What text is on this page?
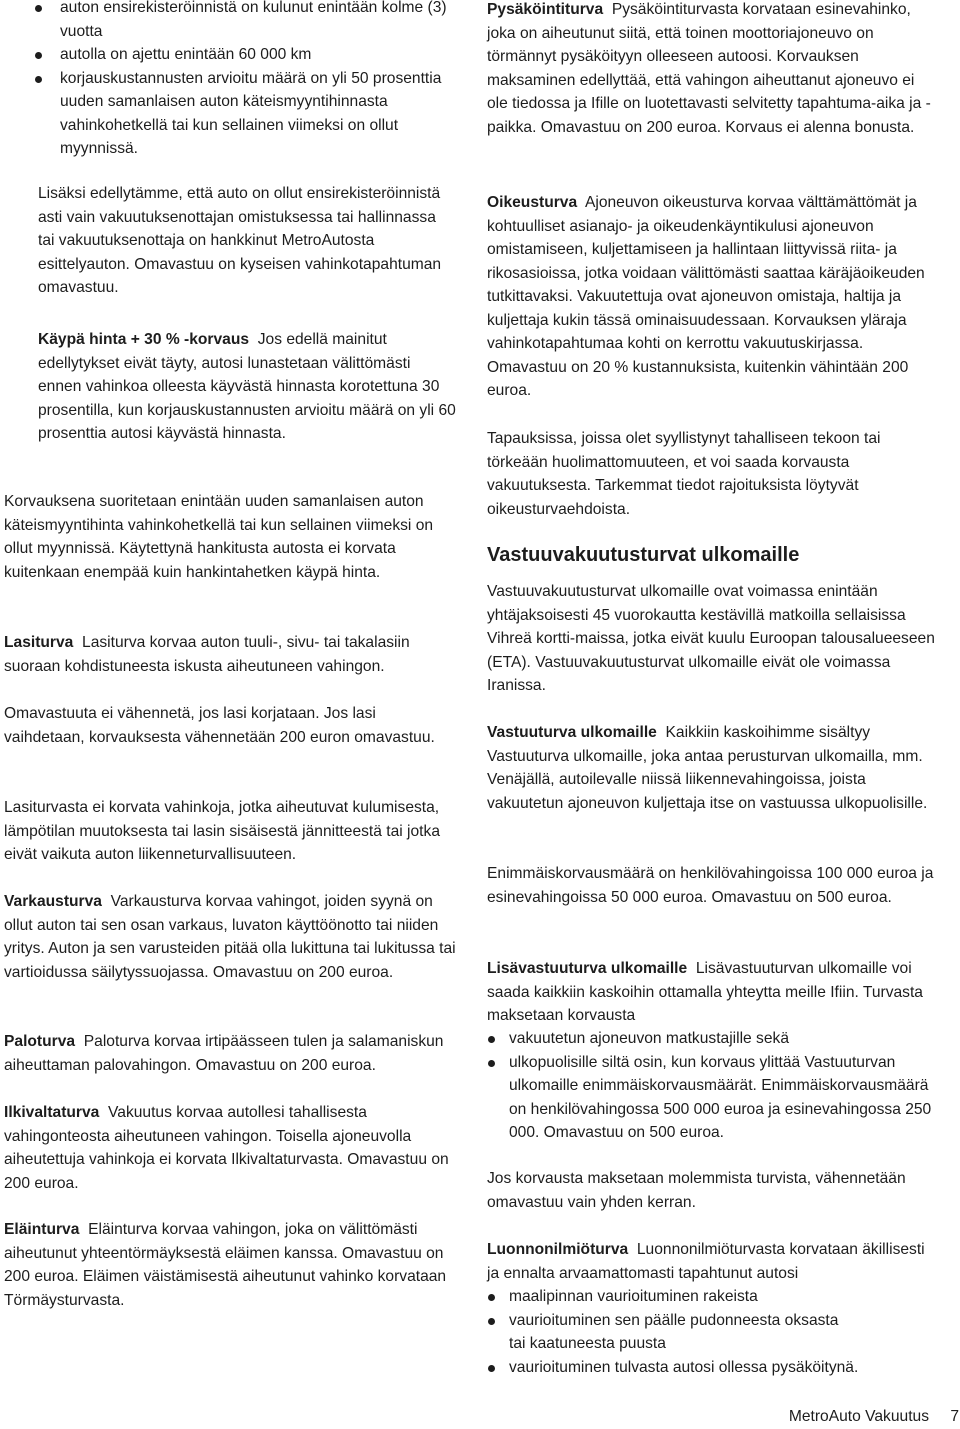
auton ensirekisteröinnistä on kulunut enintään kolme (3) vuotta
autolla on ajettu enintään 60 000 km
korjauskustannusten arvioitu määrä on yli 50 prosenttia uuden samanlaisen auton käteismyyntihinnasta vahinkohetkellä tai kun sellainen viimeksi on ollut myynnissä.

Lisäksi edellytämme, että auto on ollut ensirekisteröinnistä asti vain vakuutuksenottajan omistuksessa tai hallinnassa tai vakuutuksenottaja on hankkinut MetroAutosta esittelyauton. Omavastuu on kyseisen vahinkotapahtuman omavastuu.

Käypä hinta + 30 % -korvaus Jos edellä mainitut edellytykset eivät täyty, autosi lunastetaan välittömästi ennen vahinkoa olleesta käyvästä hinnasta korotettuna 30 prosentilla, kun korjauskustannusten arvioitu määrä on yli 60 prosenttia autosi käyvästä hinnasta.

Korvauksena suoritetaan enintään uuden samanlaisen auton käteismyyntihinta vahinkohetkellä tai kun sellainen viimeksi on ollut myynnissä. Käytettynä hankitusta autosta ei korvata kuitenkaan enempää kuin hankintahetken käypä hinta.

Lasiturva Lasiturva korvaa auton tuuli-, sivu- tai takalasiin suoraan kohdistuneesta iskusta aiheutuneen vahingon.

Omavastuuta ei vähennetä, jos lasi korjataan. Jos lasi vaihdetaan, korvauksesta vähennetään 200 euron omavastuu.

Lasiturvasta ei korvata vahinkoja, jotka aiheutuvat kulumisesta, lämpötilan muutoksesta tai lasin sisäisestä jännitteestä tai jotka eivät vaikuta auton liikenneturvallisuuteen.

Varkausturva Varkausturva korvaa vahingot, joiden syynä on ollut auton tai sen osan varkaus, luvaton käyttöönotto tai niiden yritys. Auton ja sen varusteiden pitää olla lukittuna tai lukitussa tai vartioidussa säilytyssuojassa. Omavastuu on 200 euroa.

Paloturva Paloturva korvaa irtipäässeen tulen ja salamaniskun aiheuttaman palovahingon. Omavastuu on 200 euroa.

Ilkivaltaturva Vakuutus korvaa autollesi tahallisesta vahingonteosta aiheutuneen vahingon. Toisella ajoneuvolla aiheutettuja vahinkoja ei korvata Ilkivaltaturvasta. Omavastuu on 200 euroa.

Eläinturva Eläinturva korvaa vahingon, joka on välittömästi aiheutunut yhteentörmäyksestä eläimen kanssa. Omavastuu on 200 euroa. Eläimen väistämisestä aiheutunut vahinko korvataan Törmäysturvasta.

Pysäköintiturva Pysäköintiturvasta korvataan esinevahinko, joka on aiheutunut siitä, että toinen moottoriajoneuvo on törmännyt pysäköityyn olleeseen autoosi. Korvauksen maksaminen edellyttää, että vahingon aiheuttanut ajoneuvo ei ole tiedossa ja Ifille on luotettavasti selvitetty tapahtuma-aika ja -paikka. Omavastuu on 200 euroa. Korvaus ei alenna bonusta.

Oikeusturva Ajoneuvon oikeusturva korvaa välttämättömät ja kohtuulliset asianajo- ja oikeudenkäyntikulusi ajoneuvon omistamiseen, kuljettamiseen ja hallintaan liittyvissä riita- ja rikosasioissa, jotka voidaan välittömästi saattaa käräjäoikeuden tutkittavaksi. Vakuutettuja ovat ajoneuvon omistaja, haltija ja kuljettaja kukin tässä ominaisuudessaan. Korvauksen yläraja vahinkotapahtumaa kohti on kerrottu vakuutuskirjassa. Omavastuu on 20 % kustannuksista, kuitenkin vähintään 200 euroa.

Tapauksissa, joissa olet syyllistynyt tahalliseen tekoon tai törkeään huolimattomuuteen, et voi saada korvausta vakuutuksesta. Tarkemmat tiedot rajoituksista löytyvät oikeusturvaehdoista.

Vastuuvakuutusturvat ulkomaille

Vastuuvakuutusturvat ulkomaille ovat voimassa enintään yhtäjaksoisesti 45 vuorokautta kestävillä matkoilla sellaisissa Vihreä kortti-maissa, jotka eivät kuulu Euroopan talousalueeseen (ETA). Vastuuvakuutusturvat ulkomaille eivät ole voimassa Iranissa.

Vastuuturva ulkomaille Kaikkiin kaskoihimme sisältyy Vastuuturva ulkomaille, joka antaa perusturvan ulkomailla, mm. Venäjällä, autoilevalle niissä liikennevahingoissa, joista vakuutetun ajoneuvon kuljettaja itse on vastuussa ulkopuolisille.

Enimmäiskorvausmäärä on henkilövahingoissa 100 000 euroa ja esinevahingoissa 50 000 euroa. Omavastuu on 500 euroa.

Lisävastuuturva ulkomaille Lisävastuuturvan ulkomaille voi saada kaikkiin kaskoihin ottamalla yhteytta meille Ifiin. Turvasta maksetaan korvausta

vakuutetun ajoneuvon matkustajille sekä
ulkopuolisille siltä osin, kun korvaus ylittää Vastuuturvan ulkomaille enimmäiskorvausmäärät. Enimmäiskorvausmäärä on henkilövahingossa 500 000 euroa ja esinevahingossa 250 000. Omavastuu on 500 euroa.

Jos korvausta maksetaan molemmista turvista, vähennetään omavastuu vain yhden kerran.

Luonnonilmiöturva Luonnonilmiöturvasta korvataan äkillisesti ja ennalta arvaamattomasti tapahtunut autosi

maalipinnan vaurioituminen rakeista
vaurioituminen sen päälle pudonneesta oksasta

tai kaatuneesta puusta

vaurioituminen tulvasta autosi ollessa pysäköitynä.
MetroAuto Vakuutus 7
